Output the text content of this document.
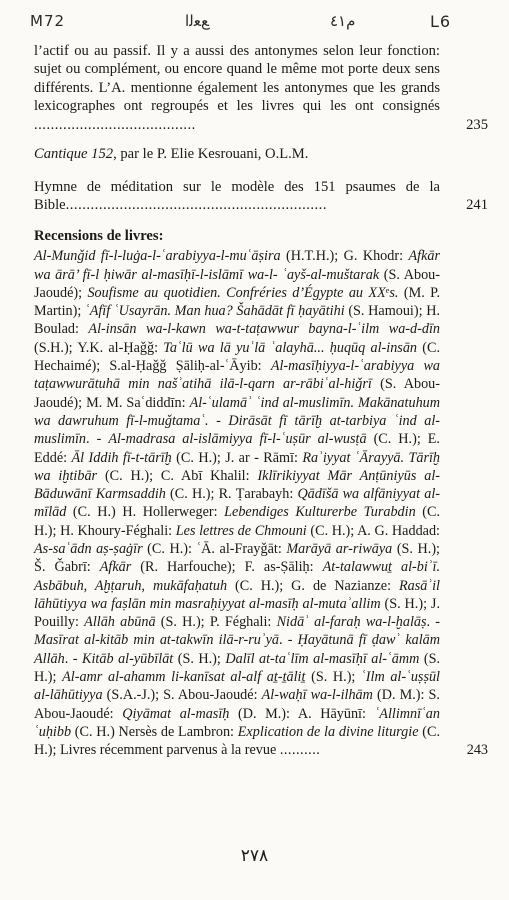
M72	ﻊﻌﻟﺍ	ﻡ٤١	L6

l’actif ou au passif. Il y a aussi des antonymes selon leur fonction: sujet ou complément, ou encore quand le même mot porte deux sens différents. L’A. mentionne également les antonymes que les grands lexicographes ont regroupés et les livres qui les ont consignés .......................................	235

Cantique 152, par le P. Elie Kesrouani, O.L.M.

Hymne de méditation sur le modèle des 151 psaumes de la Bible...............................................................	241

Recensions de livres:

Al-Munǧid fī-l-luġa-l-ʿarabiyya-l-muʿāṣira (H.T.H.); G. Khodr: Afkār wa ārā’ fī-l ḥiwār al-masīḥī-l-islāmī wa-l- ʿayš-al-muštarak (S. Abou-Jaoudé); Soufisme au quotidien. Confréries d’Égypte au XXᵉs. (M. P. Martin); ʿAfīf ʿUsayrān. Man hua? Šahādāt fī ḥayātihi (S. Hamoui); H. Boulad: Al-insān wa-l-kawn wa-t-taṭawwur bayna-l-ʿilm wa-d-dīn (S.H.); Y.K. al-Ḥaǧǧ: Taʿlū wa lā yuʿlā ʿalayhā... ḥuqūq al-insān (C. Hechaimé); S.al-Ḥaǧǧ Ṣāliḥ-al-ʿĀyib: Al-masīḥiyya-l-ʿarabiyya wa taṭawwurātuhā min našʾatihā ilā-l-qarn ar-rābiʿal-hiǧrī (S. Abou- Jaoudé); M. M. Saʿdiddīn: Al-ʿulamāʾ ʿind al-muslimīn. Makānatuhum wa dawruhum fī-l-muǧtamaʿ. - Dirāsāt fī tārīḫ at-tarbiya ʿind al-muslimīn. - Al-madrasa al-islāmiyya fī-l-ʿuṣūr al-wusṭā (C. H.); E. Eddé: Āl Iddih fī-t-tārīḫ (C. H.); J. ar - Rāmī: Raʾiyyat ʿĀrayyā. Tārīḫ wa iḫtibār (C. H.); C. Abī Khalil: Iklīrikiyyat Mār Anṭūniyūs al-Bāduwānī Karmsaddih (C. H.); R. Ṭarabayh: Qādīšā wa alfāniyyat al-mīlād (C. H.) H. Hollerweger: Lebendiges Kulturerbe Turabdin (C. H.); H. Khoury-Féghali: Les lettres de Chmouni (C. H.); A. G. Haddad: As-saʿādn aṣ-ṣaġīr (C. H.): ʿĀ. al-Frayǧāt: Marāyā ar-riwāya (S. H.); Š. Ǧabrī: Afkār (R. Harfouche); F. as-Ṣāliḥ: At-talawwuṯ al-biʾī. Asbābuh, Aḫṭaruh, mukāfaḥatuh (C. H.); G. de Nazianze: Rasāʾil lāhūtiyya wa faṣlān min masraḥiyyat al-masīḥ al-mutaʾallim (S. H.); J. Pouilly: Allāh abūnā (S. H.); P. Féghali: Nidāʾ al-faraḥ wa-l-ḫalāṣ. - Masīrat al-kitāb min at-takwīn ilā-r-ruʾyā. - Ḥayātunā fī ḍawʾ kalām Allāh. - Kitāb al-yūbīlāt (S. H.); Dalīl at-taʿlīm al-masīḥī al-ʿāmm (S. H.); Al-amr al-ahamm li-kanīsat al-alf aṯ-ṯāliṯ (S. H.); ʿIlm al-ʿuṣṣūl al-lāhūtiyya (S.A.-J.); S. Abou-Jaoudé: Al-waḥī wa-l-ilhām (D. M.): S. Abou-Jaoudé: Qiyāmat al-masīḥ (D. M.): A. Hāyūnī: ʿAllimnīʿan ʿuḥibb (C. H.) Nersès de Lambron: Explication de la divine liturgie (C. H.); Livres récemment parvenus à la revue ..........	243

۲۷۸
